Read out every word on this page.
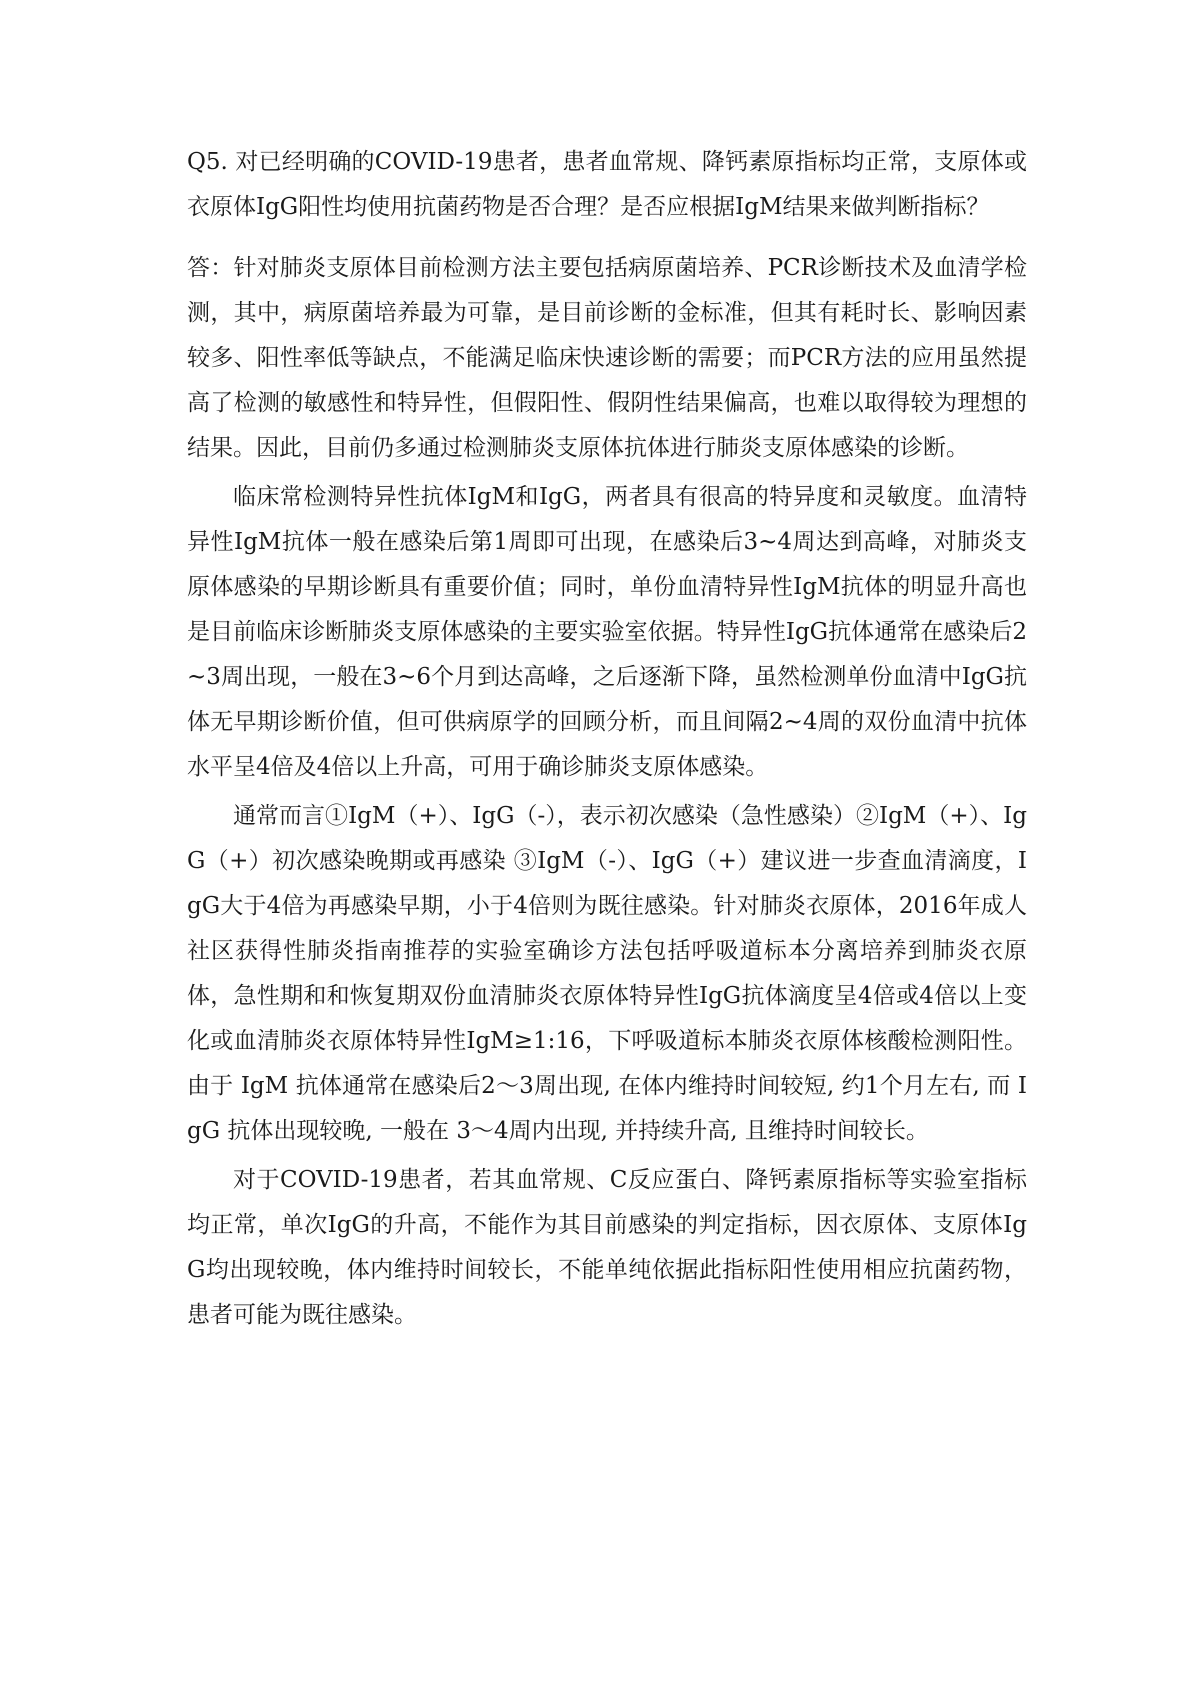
Q5. 对已经明确的COVID-19患者，患者血常规、降钙素原指标均正常，支原体或衣原体IgG阳性均使用抗菌药物是否合理？是否应根据IgM结果来做判断指标？

答：针对肺炎支原体目前检测方法主要包括病原菌培养、PCR诊断技术及血清学检测，其中，病原菌培养最为可靠，是目前诊断的金标准，但其有耗时长、影响因素较多、阳性率低等缺点，不能满足临床快速诊断的需要；而PCR方法的应用虽然提高了检测的敏感性和特异性，但假阳性、假阴性结果偏高，也难以取得较为理想的结果。因此，目前仍多通过检测肺炎支原体抗体进行肺炎支原体感染的诊断。

临床常检测特异性抗体IgM和IgG，两者具有很高的特异度和灵敏度。血清特异性IgM抗体一般在感染后第1周即可出现，在感染后3~4周达到高峰，对肺炎支原体感染的早期诊断具有重要价值；同时，单份血清特异性IgM抗体的明显升高也是目前临床诊断肺炎支原体感染的主要实验室依据。特异性IgG抗体通常在感染后2~3周出现，一般在3~6个月到达高峰，之后逐渐下降，虽然检测单份血清中IgG抗体无早期诊断价值，但可供病原学的回顾分析，而且间隔2~4周的双份血清中抗体水平呈4倍及4倍以上升高，可用于确诊肺炎支原体感染。

通常而言①IgM（+）、IgG（-），表示初次感染（急性感染）②IgM（+）、IgG（+）初次感染晚期或再感染 ③IgM（-）、IgG（+）建议进一步查血清滴度，IgG大于4倍为再感染早期，小于4倍则为既往感染。针对肺炎衣原体，2016年成人社区获得性肺炎指南推荐的实验室确诊方法包括呼吸道标本分离培养到肺炎衣原体，急性期和和恢复期双份血清肺炎衣原体特异性IgG抗体滴度呈4倍或4倍以上变化或血清肺炎衣原体特异性IgM≥1:16，下呼吸道标本肺炎衣原体核酸检测阳性。由于 IgM 抗体通常在感染后2～3周出现, 在体内维持时间较短, 约1个月左右, 而 IgG 抗体出现较晚, 一般在 3～4周内出现, 并持续升高, 且维持时间较长。

对于COVID-19患者，若其血常规、C反应蛋白、降钙素原指标等实验室指标均正常，单次IgG的升高，不能作为其目前感染的判定指标，因衣原体、支原体IgG均出现较晚，体内维持时间较长，不能单纯依据此指标阳性使用相应抗菌药物，患者可能为既往感染。
